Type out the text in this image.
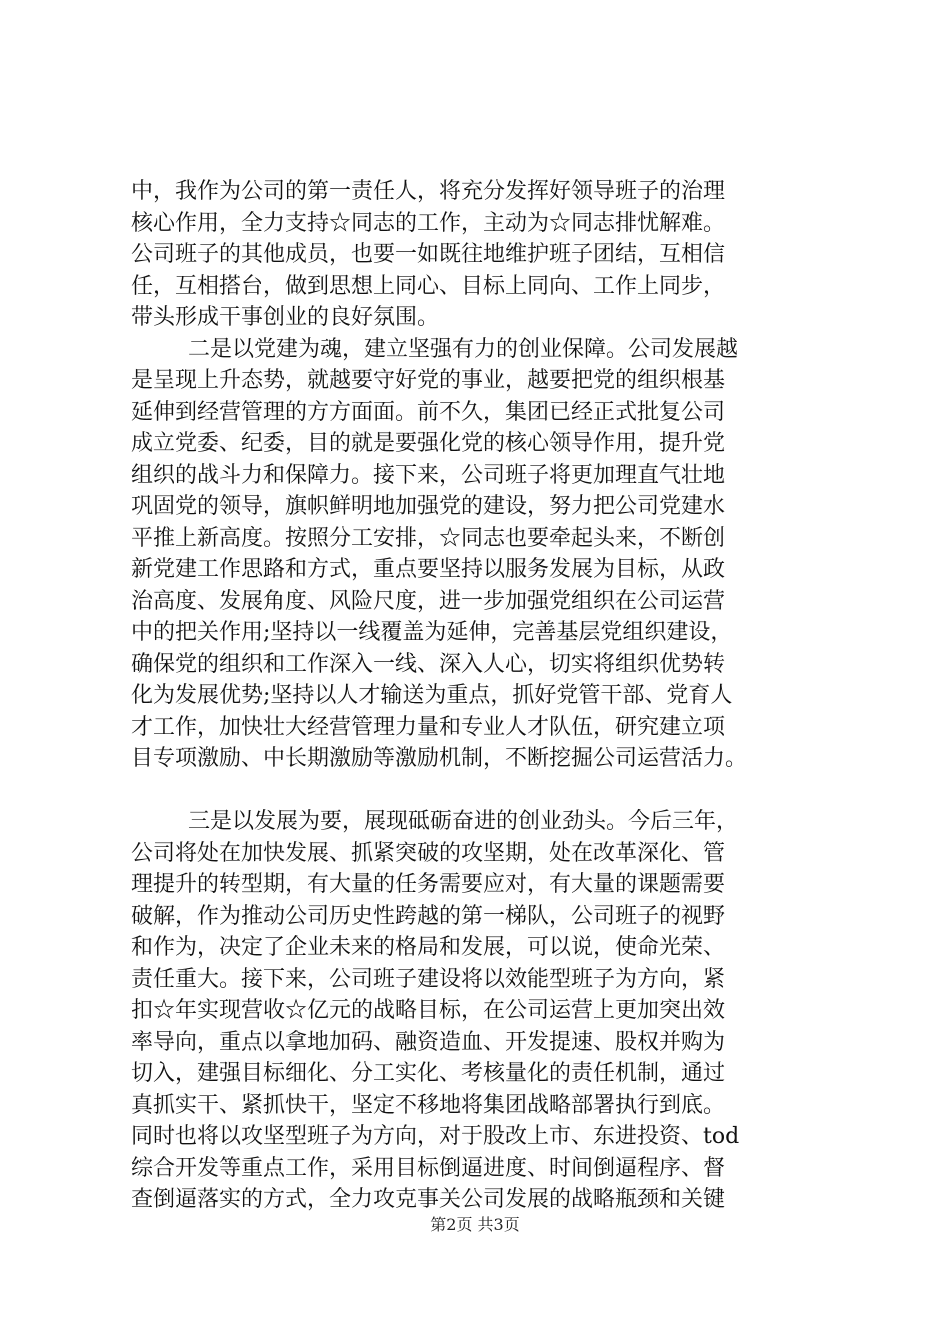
中，我作为公司的第一责任人，将充分发挥好领导班子的治理
核心作用，全力支持☆同志的工作，主动为☆同志排忧解难。
公司班子的其他成员，也要一如既往地维护班子团结，互相信
任，互相搭台，做到思想上同心、目标上同向、工作上同步，
带头形成干事创业的良好氛围。
二是以党建为魂，建立坚强有力的创业保障。公司发展越
是呈现上升态势，就越要守好党的事业，越要把党的组织根基
延伸到经营管理的方方面面。前不久，集团已经正式批复公司
成立党委、纪委，目的就是要强化党的核心领导作用，提升党
组织的战斗力和保障力。接下来，公司班子将更加理直气壮地
巩固党的领导，旗帜鲜明地加强党的建设，努力把公司党建水
平推上新高度。按照分工安排，☆同志也要牵起头来，不断创
新党建工作思路和方式，重点要坚持以服务发展为目标，从政
治高度、发展角度、风险尺度，进一步加强党组织在公司运营
中的把关作用;坚持以一线覆盖为延伸，完善基层党组织建设，
确保党的组织和工作深入一线、深入人心，切实将组织优势转
化为发展优势;坚持以人才输送为重点，抓好党管干部、党育人
才工作，加快壮大经营管理力量和专业人才队伍，研究建立项
目专项激励、中长期激励等激励机制，不断挖掘公司运营活力。
三是以发展为要，展现砥砺奋进的创业劲头。今后三年，
公司将处在加快发展、抓紧突破的攻坚期，处在改革深化、管
理提升的转型期，有大量的任务需要应对，有大量的课题需要
破解，作为推动公司历史性跨越的第一梯队，公司班子的视野
和作为，决定了企业未来的格局和发展，可以说，使命光荣、
责任重大。接下来，公司班子建设将以效能型班子为方向，紧
扣☆年实现营收☆亿元的战略目标，在公司运营上更加突出效
率导向，重点以拿地加码、融资造血、开发提速、股权并购为
切入，建强目标细化、分工实化、考核量化的责任机制，通过
真抓实干、紧抓快干，坚定不移地将集团战略部署执行到底。
同时也将以攻坚型班子为方向，对于股改上市、东进投资、tod
综合开发等重点工作，采用目标倒逼进度、时间倒逼程序、督
查倒逼落实的方式，全力攻克事关公司发展的战略瓶颈和关键
第2页 共3页
